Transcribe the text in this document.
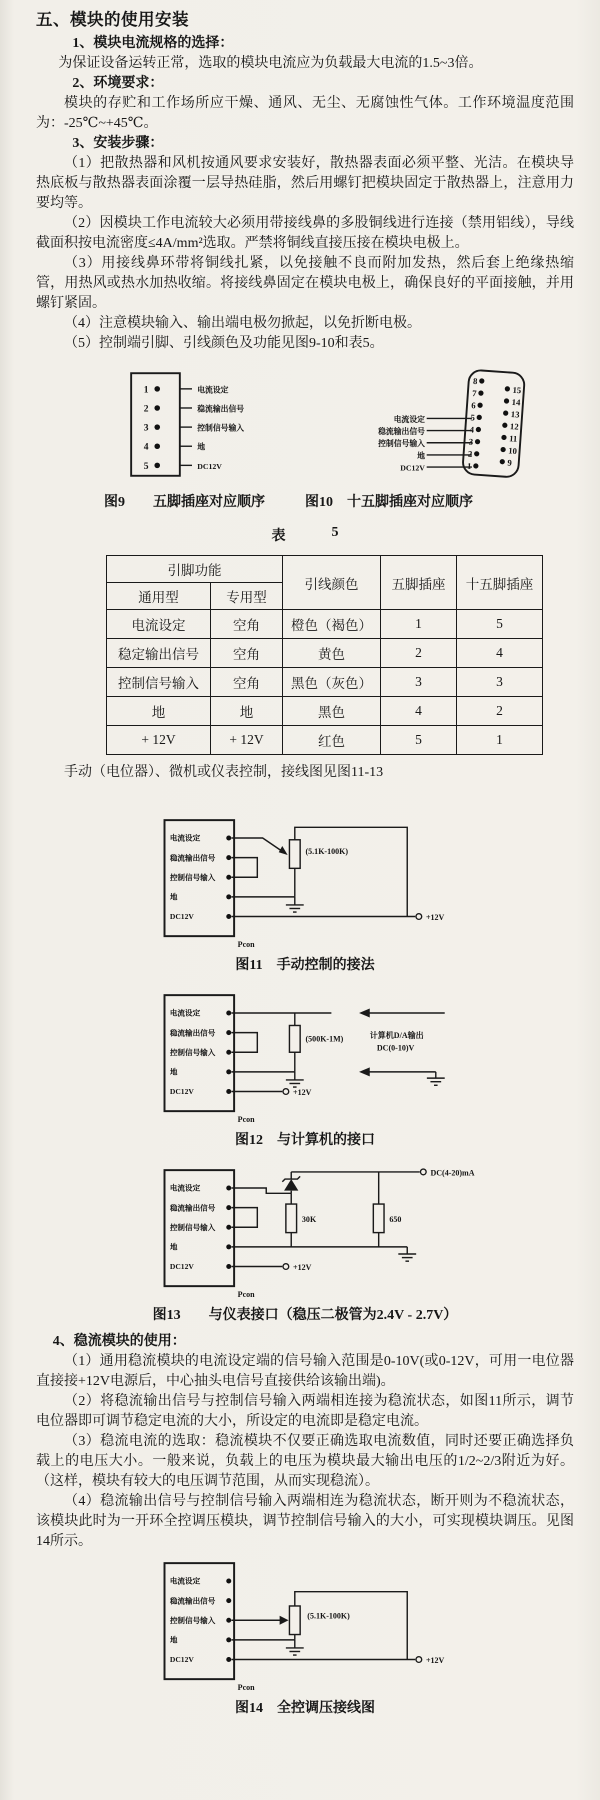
五、模块的使用安装

1、模块电流规格的选择：

为保证设备运转正常，选取的模块电流应为负载最大电流的1.5~3倍。

2、环境要求：

模块的存贮和工作场所应干燥、通风、无尘、无腐蚀性气体。工作环境温度范围为：-25℃~+45℃。

3、安装步骤：

（1）把散热器和风机按通风要求安装好，散热器表面必须平整、光洁。在模块导热底板与散热器表面涂覆一层导热硅脂，然后用螺钉把模块固定于散热器上，注意用力要均等。

（2）因模块工作电流较大必须用带接线鼻的多股铜线进行连接（禁用铝线），导线截面积按电流密度≤4A/mm²选取。严禁将铜线直接压接在模块电极上。

（3）用接线鼻环带将铜线扎紧，以免接触不良而附加发热，然后套上绝缘热缩管，用热风或热水加热收缩。将接线鼻固定在模块电极上，确保良好的平面接触，并用螺钉紧固。

（4）注意模块输入、输出端电极勿掀起，以免折断电极。

（5）控制端引脚、引线颜色及功能见图9-10和表5。

1	电流设定
2	稳流输出信号
3	控制信号输入
4	地
5	DC12V
电流设定
稳流输出信号
控制信号输入
地
DC12V
8
7
6
5
4
3
2
1
15
14
13
12
11
10
9
图9　　五脚插座对应顺序	图10　十五脚插座对应顺序
表	5
引脚功能		引线颜色	五脚插座	十五脚插座
通用型	专用型			
电流设定	空角	橙色（褐色）	1	5
稳定输出信号	空角	黄色	2	4
控制信号输入	空角	黑色（灰色）	3	3
地	地	黑色	4	2
+ 12V	+ 12V	红色	5	1

手动（电位器）、微机或仪表控制，接线图见图11-13

电流设定
稳流输出信号
控制信号输入
地
DC12V
Pcon
(5.1K-100K)
+12V

图11　手动控制的接法

电流设定
稳流输出信号
控制信号输入
地
DC12V
Pcon
(500K-1M)	计算机D/A输出
DC(0-10)V
+12V

图12　与计算机的接口

电流设定
稳流输出信号
控制信号输入
地
DC12V
Pcon
30K	650
DC(4-20)mA
+12V

图13　　与仪表接口（稳压二极管为2.4V - 2.7V）

4、稳流模块的使用：

（1）通用稳流模块的电流设定端的信号输入范围是0-10V(或0-12V，可用一电位器直接接+12V电源后，中心抽头电信号直接供给该输出端)。

（2）将稳流输出信号与控制信号输入两端相连接为稳流状态，如图11所示，调节电位器即可调节稳定电流的大小，所设定的电流即是稳定电流。

（3）稳流电流的选取：稳流模块不仅要正确选取电流数值，同时还要正确选择负载上的电压大小。一般来说，负载上的电压为模块最大输出电压的1/2~2/3附近为好。（这样，模块有较大的电压调节范围，从而实现稳流）。

（4）稳流输出信号与控制信号输入两端相连为稳流状态，断开则为不稳流状态，该模块此时为一开环全控调压模块，调节控制信号输入的大小，可实现模块调压。见图14所示。

电流设定
稳流输出信号
控制信号输入
地
DC12V
Pcon
(5.1K-100K)
+12V

图14　全控调压接线图
